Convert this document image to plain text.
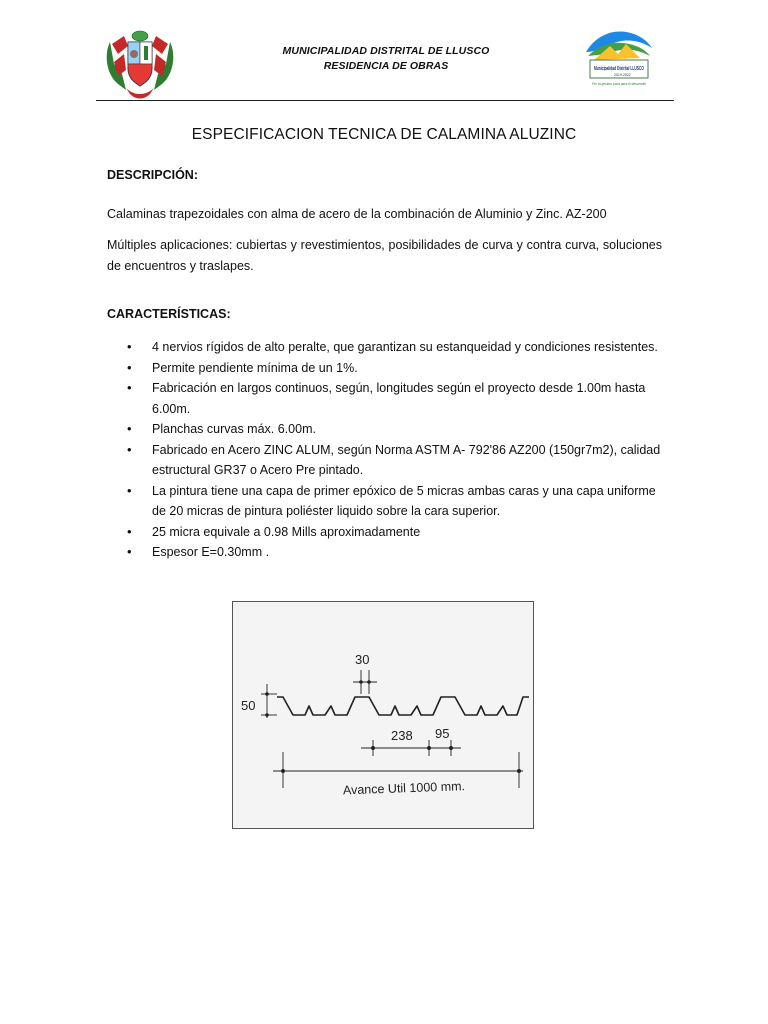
MUNICIPALIDAD DISTRITAL DE LLUSCO
RESIDENCIA DE OBRAS	Municipalidad Distrital LLUSCO
2019-2022
Por la gestion justa para el desarrollo
ESPECIFICACION TECNICA DE CALAMINA ALUZINC
DESCRIPCIÓN:
Calaminas trapezoidales con alma de acero de la combinación de Aluminio y Zinc. AZ-200
Múltiples aplicaciones: cubiertas y revestimientos, posibilidades de curva y contra curva, soluciones de encuentros y traslapes.
CARACTERÍSTICAS:
• 4 nervios rígidos de alto peralte, que garantizan su estanqueidad y condiciones resistentes.
• Permite pendiente mínima de un 1%.
• Fabricación en largos continuos, según, longitudes según el proyecto desde 1.00m hasta 6.00m.
• Planchas curvas máx. 6.00m.
• Fabricado en Acero ZINC ALUM, según Norma ASTM A- 792'86 AZ200 (150gr7m2), calidad estructural GR37 o Acero Pre pintado.
• La pintura tiene una capa de primer epóxico de 5 micras ambas caras y una capa uniforme de 20 micras de pintura poliéster liquido sobre la cara superior.
• 25 micra equivale a 0.98 Mills aproximadamente
• Espesor E=0.30mm .
30
50
238 95
Avance Util 1000 mm.
